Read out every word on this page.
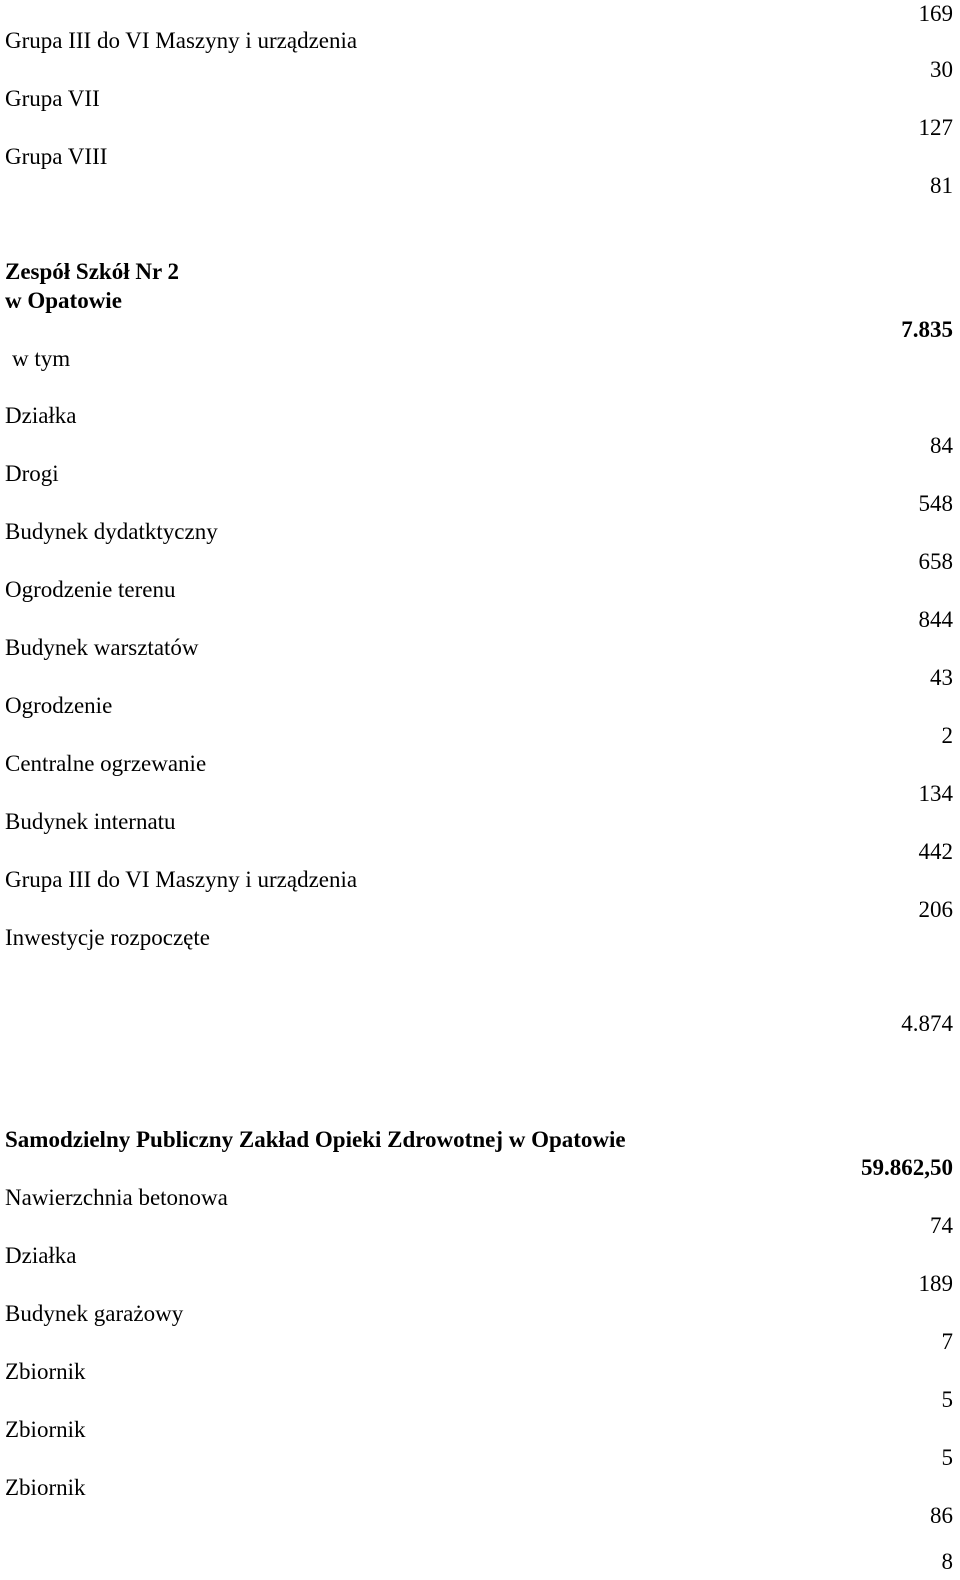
Grupa III do VI Maszyny i urządzenia
Grupa VII
Grupa VIII
169
30
127
81
Zespół Szkół Nr 2
w Opatowie
7.835
w tym
Działka
Drogi
Budynek dydatktyczny
Ogrodzenie terenu
Budynek warsztatów
Ogrodzenie
Centralne ogrzewanie
Budynek internatu
Grupa III do VI Maszyny i urządzenia
Inwestycje rozpoczęte
84
548
658
844
43
2
134
442
206
4.874
Samodzielny Publiczny Zakład Opieki Zdrowotnej w Opatowie
59.862,50
Nawierzchnia betonowa
Działka
Budynek garażowy
Zbiornik
Zbiornik
Zbiornik
74
189
7
5
5
86
8
